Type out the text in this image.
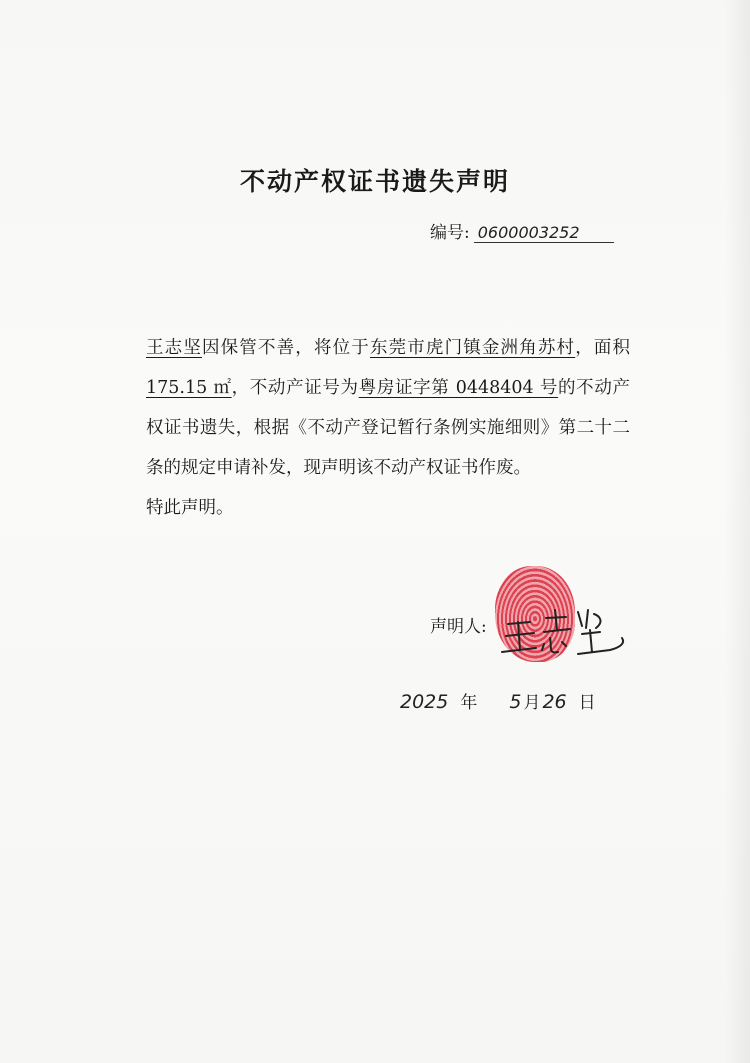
不动产权证书遗失声明
编号: 0600003252

王志坚因保管不善，将位于东莞市虎门镇金洲角苏村，面积175.15 ㎡，不动产证号为粤房证字第 0448404 号的不动产权证书遗失，根据《不动产登记暂行条例实施细则》第二十二条的规定申请补发，现声明该不动产权证书作废。

特此声明。

声明人:
2025 年 5 月 26 日
